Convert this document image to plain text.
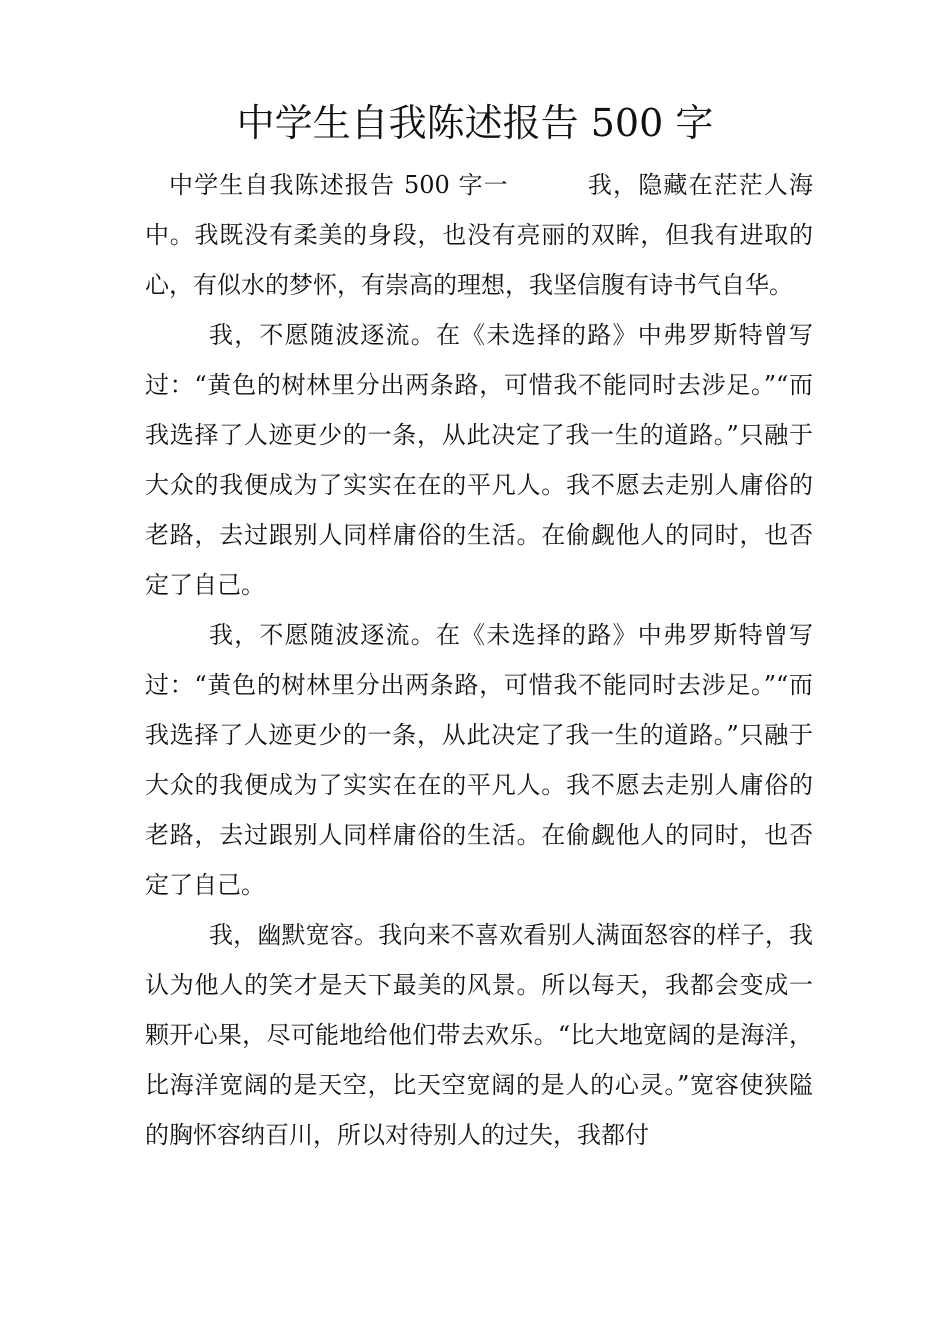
中学生自我陈述报告 500 字

中学生自我陈述报告 500 字一	我，隐藏在茫茫人海中。我既没有柔美的身段，也没有亮丽的双眸，但我有进取的心，有似水的梦怀，有崇高的理想，我坚信腹有诗书气自华。

我，不愿随波逐流。在《未选择的路》中弗罗斯特曾写过：“黄色的树林里分出两条路，可惜我不能同时去涉足。”“而我选择了人迹更少的一条，从此决定了我一生的道路。”只融于大众的我便成为了实实在在的平凡人。我不愿去走别人庸俗的老路，去过跟别人同样庸俗的生活。在偷觑他人的同时，也否定了自己。

我，不愿随波逐流。在《未选择的路》中弗罗斯特曾写过：“黄色的树林里分出两条路，可惜我不能同时去涉足。”“而我选择了人迹更少的一条，从此决定了我一生的道路。”只融于大众的我便成为了实实在在的平凡人。我不愿去走别人庸俗的老路，去过跟别人同样庸俗的生活。在偷觑他人的同时，也否定了自己。

我，幽默宽容。我向来不喜欢看别人满面怒容的样子，我认为他人的笑才是天下最美的风景。所以每天，我都会变成一颗开心果，尽可能地给他们带去欢乐。“比大地宽阔的是海洋，比海洋宽阔的是天空，比天空宽阔的是人的心灵。”宽容使狭隘的胸怀容纳百川，所以对待别人的过失，我都付
